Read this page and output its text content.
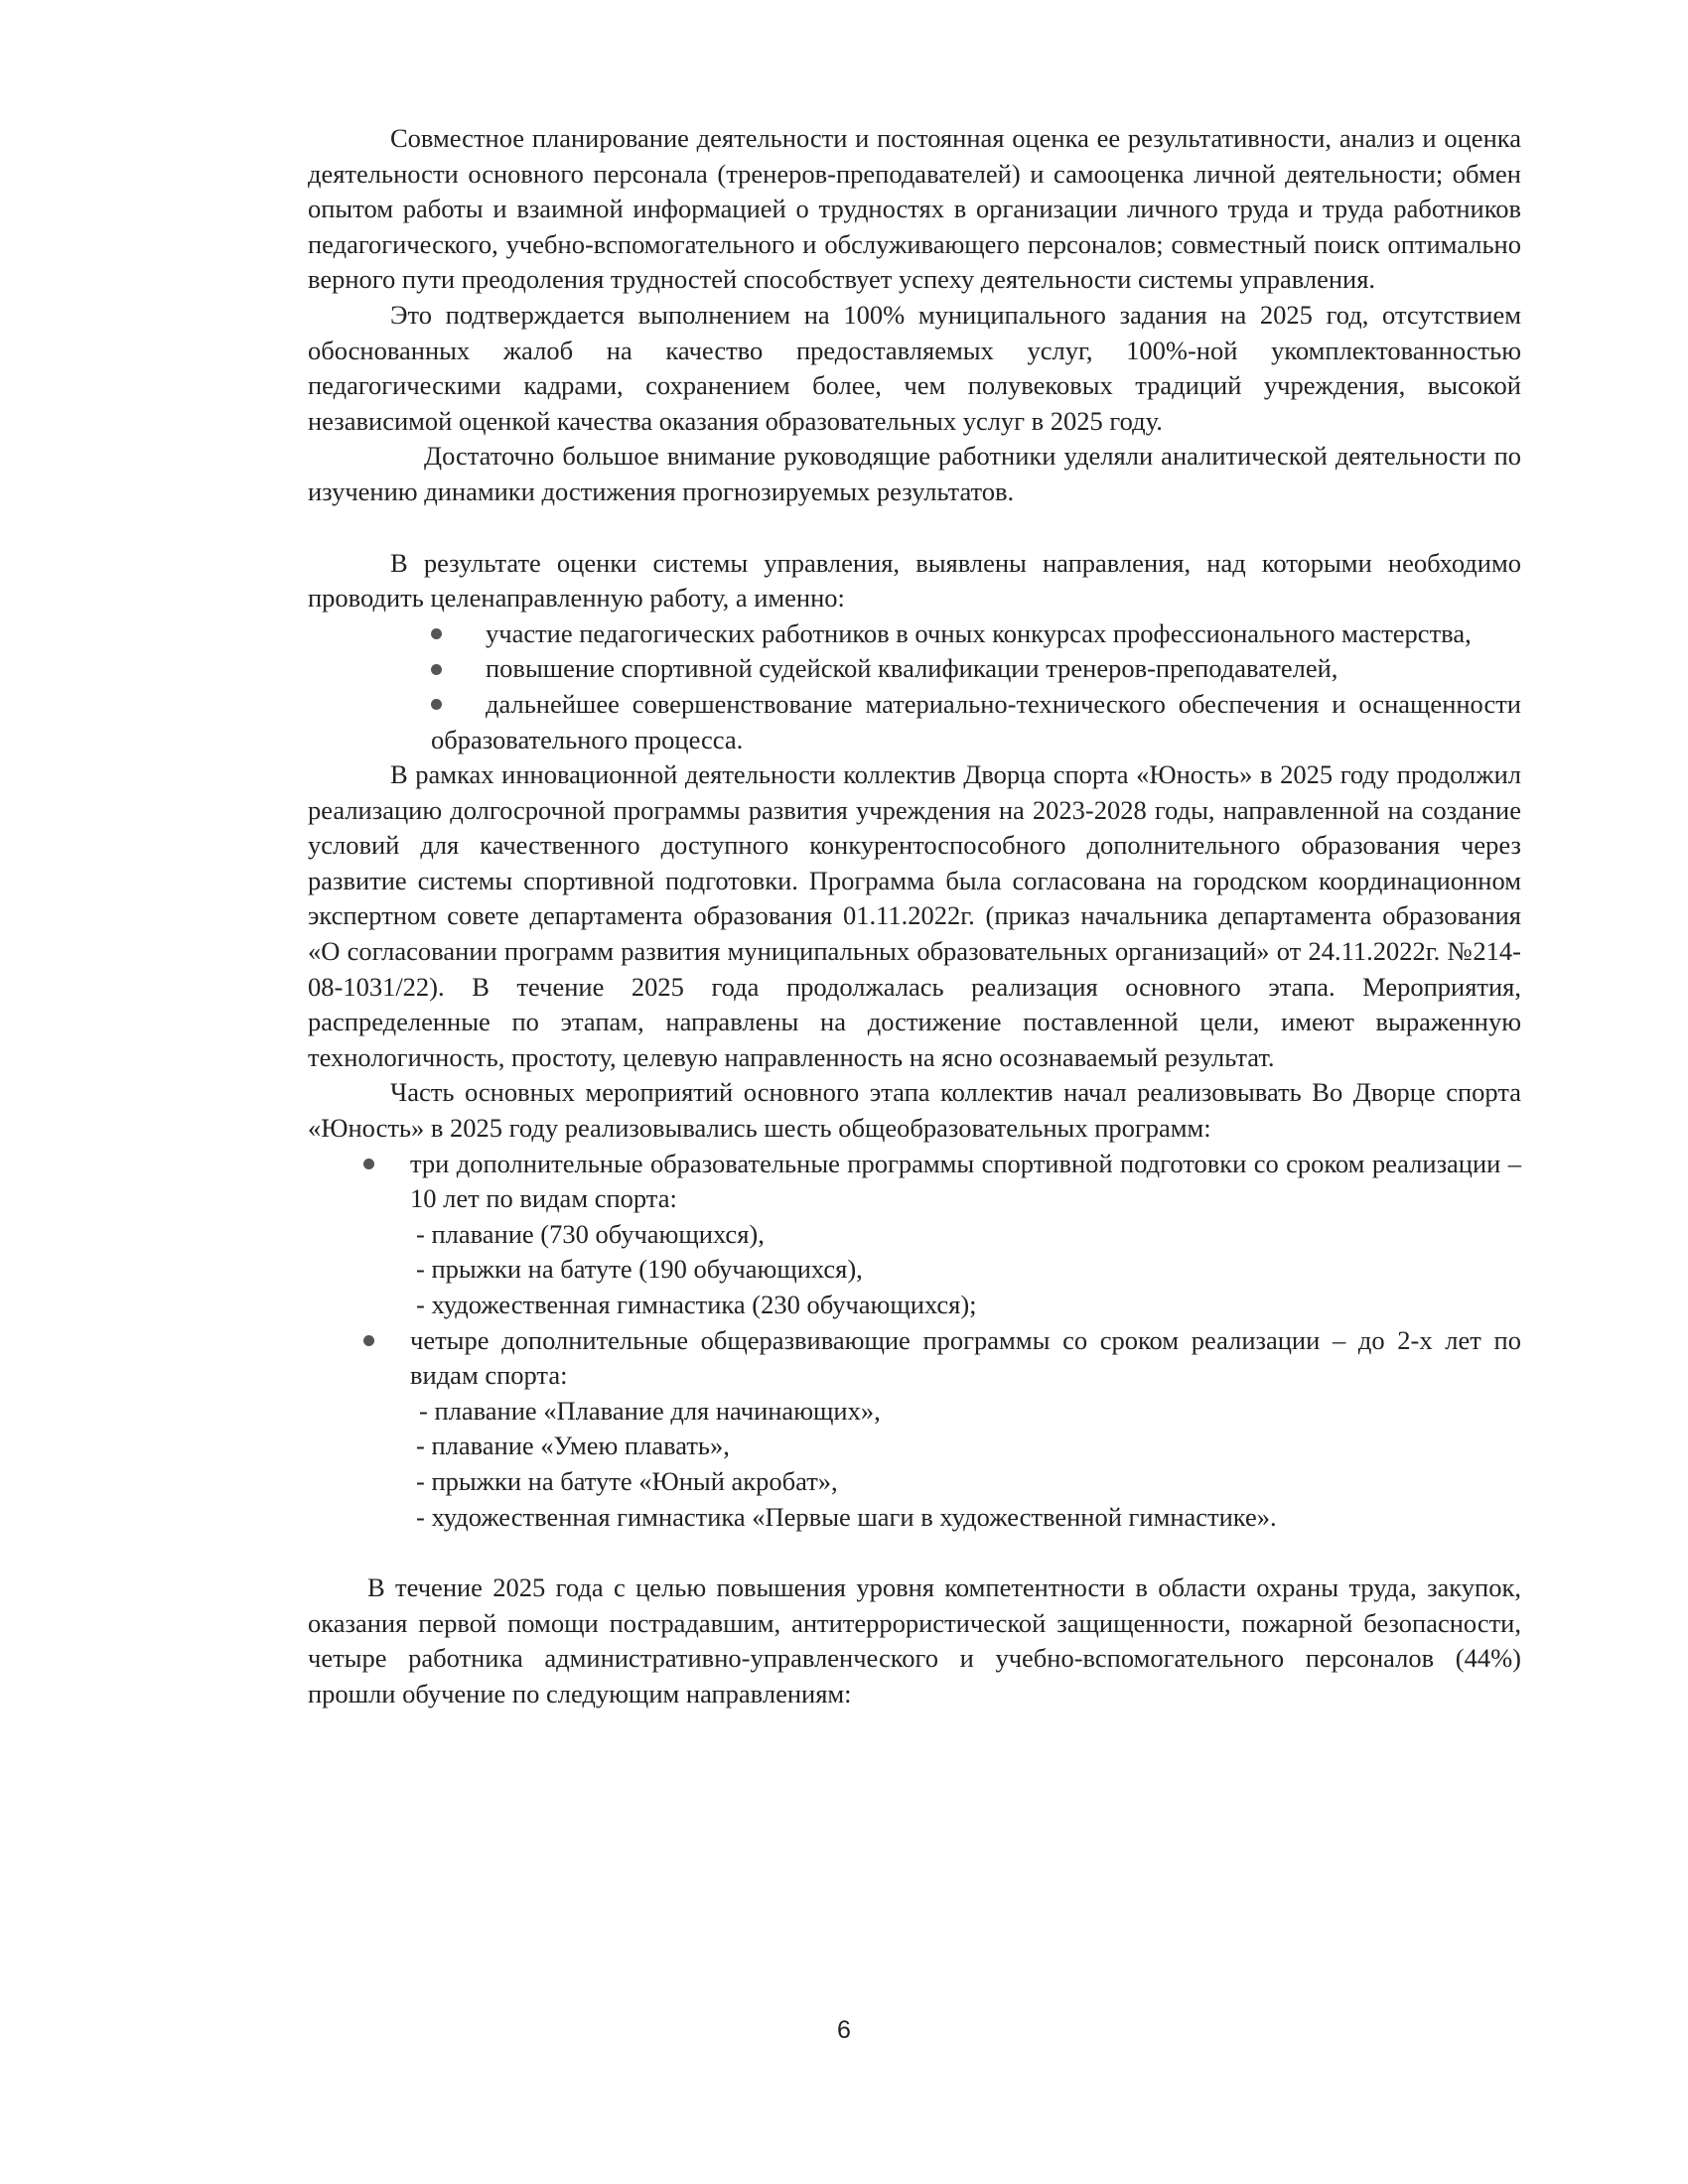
Совместное планирование деятельности и постоянная оценка ее результативности, анализ и оценка деятельности основного персонала (тренеров-преподавателей) и самооценка личной деятельности; обмен опытом работы и взаимной информацией о трудностях в организации личного труда и труда работников педагогического, учебно-вспомогательного и обслуживающего персоналов; совместный поиск оптимально верного пути преодоления трудностей способствует успеху деятельности системы управления.

Это подтверждается выполнением на 100% муниципального задания на 2025 год, отсутствием обоснованных жалоб на качество предоставляемых услуг, 100%-ной укомплектованностью педагогическими кадрами, сохранением более, чем полувековых традиций учреждения, высокой независимой оценкой качества оказания образовательных услуг в 2025 году.

Достаточно большое внимание руководящие работники уделяли аналитической деятельности по изучению динамики достижения прогнозируемых результатов.

В результате оценки системы управления, выявлены направления, над которыми необходимо проводить целенаправленную работу, а именно:

участие педагогических работников в очных конкурсах профессионального мастерства,
повышение спортивной судейской квалификации тренеров-преподавателей,
дальнейшее совершенствование материально-технического обеспечения и оснащенности образовательного процесса.

В рамках инновационной деятельности коллектив Дворца спорта «Юность» в 2025 году продолжил реализацию долгосрочной программы развития учреждения на 2023-2028 годы, направленной на создание условий для качественного доступного конкурентоспособного дополнительного образования через развитие системы спортивной подготовки. Программа была согласована на городском координационном экспертном совете департамента образования 01.11.2022г. (приказ начальника департамента образования «О согласовании программ развития муниципальных образовательных организаций» от 24.11.2022г. №214-08-1031/22). В течение 2025 года продолжалась реализация основного этапа. Мероприятия, распределенные по этапам, направлены на достижение поставленной цели, имеют выраженную технологичность, простоту, целевую направленность на ясно осознаваемый результат.

Часть основных мероприятий основного этапа коллектив начал реализовывать Во Дворце спорта «Юность» в 2025 году реализовывались шесть общеобразовательных программ:

три дополнительные образовательные программы спортивной подготовки со сроком реализации – 10 лет по видам спорта:
- плавание (730 обучающихся),
- прыжки на батуте (190 обучающихся),
- художественная гимнастика (230 обучающихся);
четыре дополнительные общеразвивающие программы со сроком реализации – до 2-х лет по видам спорта:
- плавание «Плавание для начинающих»,
- плавание «Умею плавать»,
- прыжки на батуте «Юный акробат»,
- художественная гимнастика «Первые шаги в художественной гимнастике».

В течение 2025 года с целью повышения уровня компетентности в области охраны труда, закупок, оказания первой помощи пострадавшим, антитеррористической защищенности, пожарной безопасности, четыре работника административно-управленческого и учебно-вспомогательного персоналов (44%) прошли обучение по следующим направлениям:

6
